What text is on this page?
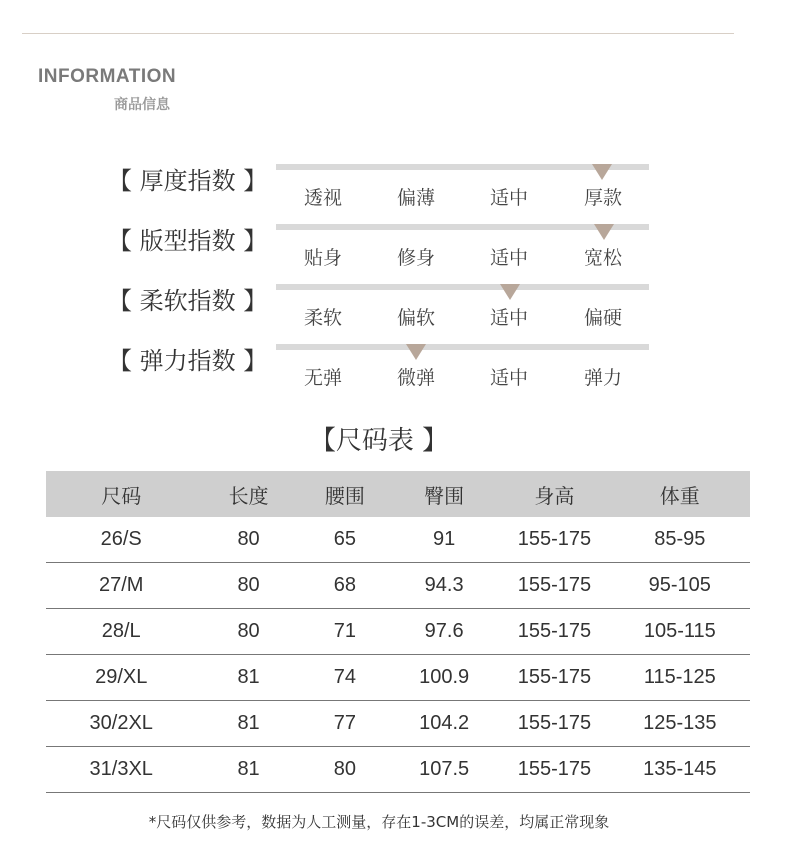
INFORMATION
商品信息
【 厚度指数 】
透视	偏薄	适中	厚款
【 版型指数 】
贴身	修身	适中	宽松
【 柔软指数 】
柔软	偏软	适中	偏硬
【 弹力指数 】
无弹	微弹	适中	弹力
【尺码表 】
尺码	长度	腰围	臀围	身高	体重
26/S	80	65	91	155-175	85-95
27/M	80	68	94.3	155-175	95-105
28/L	80	71	97.6	155-175	105-115
29/XL	81	74	100.9	155-175	115-125
30/2XL	81	77	104.2	155-175	125-135
31/3XL	81	80	107.5	155-175	135-145
*尺码仅供参考，数据为人工测量，存在1-3CM的误差，均属正常现象
